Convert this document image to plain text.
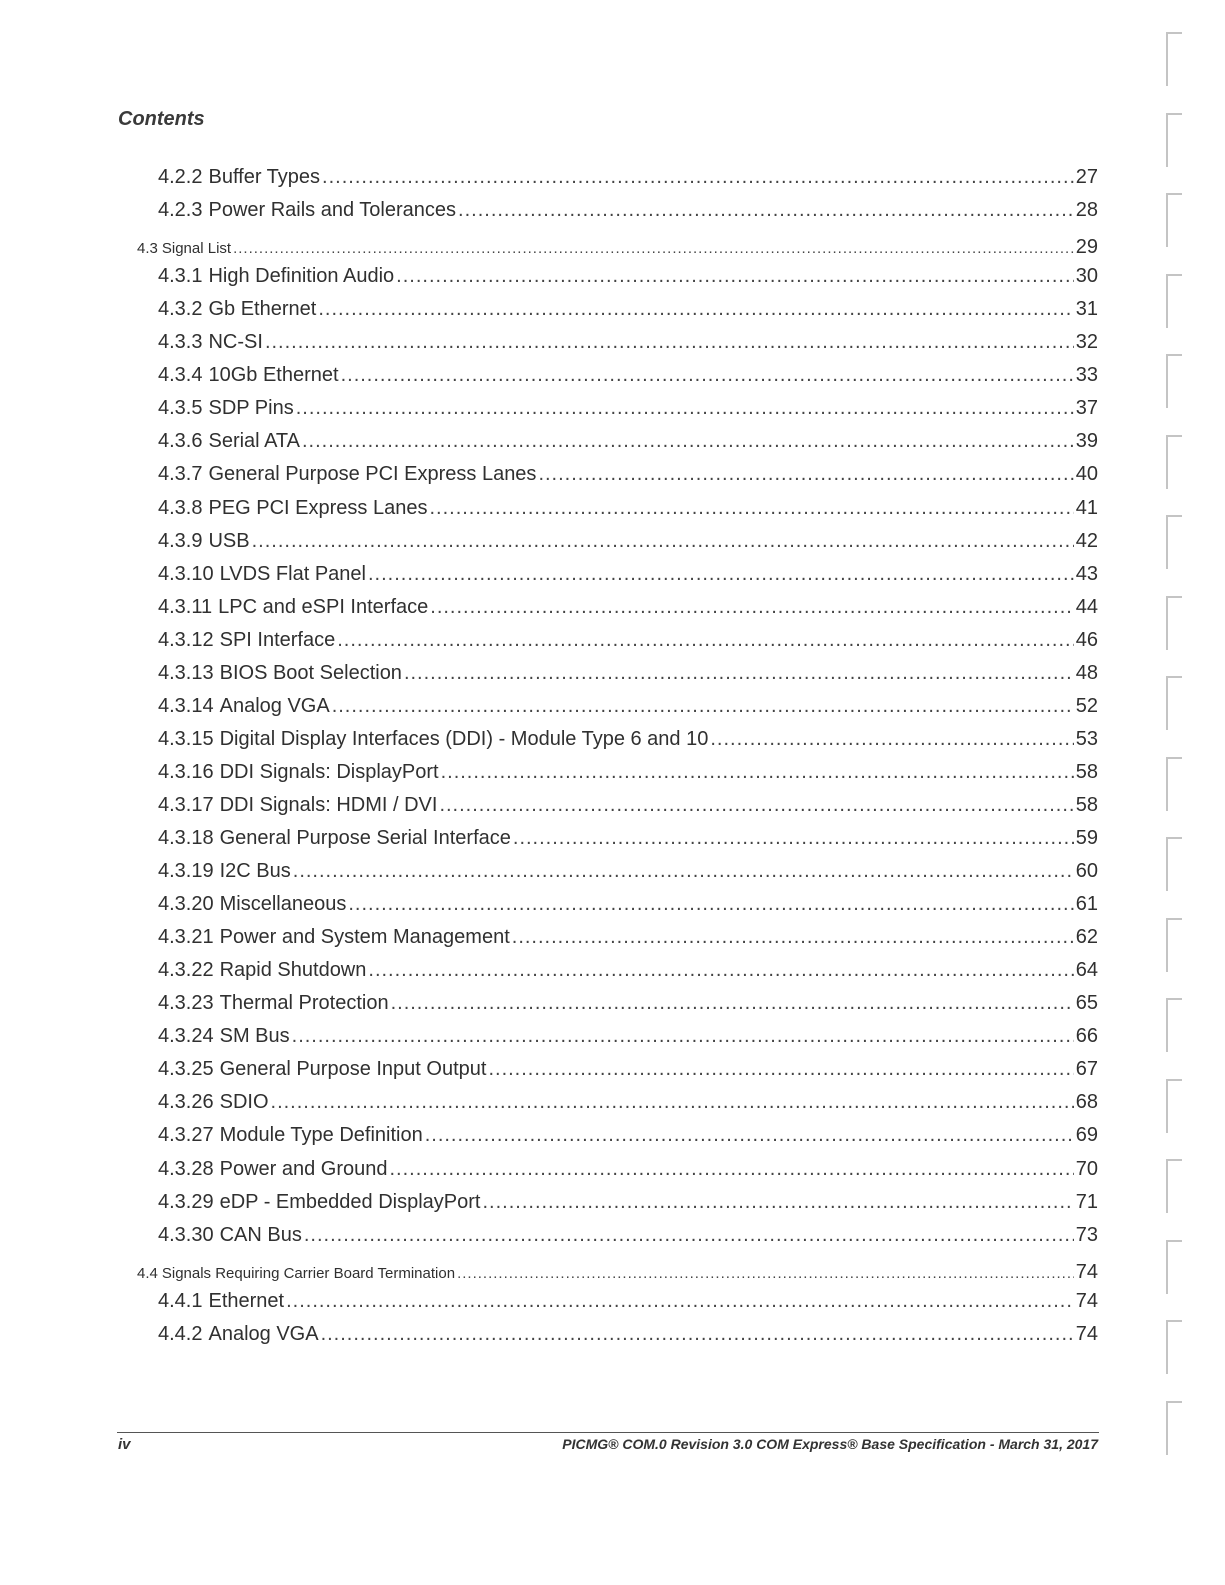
Contents
4.2.2 Buffer Types .....	27
4.2.3 Power Rails and Tolerances .....	28
4.3 Signal List .....	29
4.3.1 High Definition Audio .....	30
4.3.2 Gb Ethernet .....	31
4.3.3 NC-SI .....	32
4.3.4 10Gb Ethernet .....	33
4.3.5 SDP Pins .....	37
4.3.6 Serial ATA .....	39
4.3.7 General Purpose PCI Express Lanes .....	40
4.3.8 PEG PCI Express Lanes .....	41
4.3.9 USB .....	42
4.3.10 LVDS Flat Panel .....	43
4.3.11 LPC and eSPI Interface .....	44
4.3.12 SPI Interface .....	46
4.3.13 BIOS Boot Selection .....	48
4.3.14 Analog VGA .....	52
4.3.15 Digital Display Interfaces (DDI) - Module Type 6 and 10 .....	53
4.3.16 DDI Signals: DisplayPort .....	58
4.3.17 DDI Signals: HDMI / DVI .....	58
4.3.18 General Purpose Serial Interface .....	59
4.3.19 I2C Bus .....	60
4.3.20 Miscellaneous .....	61
4.3.21 Power and System Management .....	62
4.3.22 Rapid Shutdown .....	64
4.3.23 Thermal Protection .....	65
4.3.24 SM Bus .....	66
4.3.25 General Purpose Input Output .....	67
4.3.26 SDIO .....	68
4.3.27 Module Type Definition .....	69
4.3.28 Power and Ground .....	70
4.3.29 eDP - Embedded DisplayPort .....	71
4.3.30 CAN Bus .....	73
4.4 Signals Requiring Carrier Board Termination .....	74
4.4.1 Ethernet .....	74
4.4.2 Analog VGA .....	74
iv	PICMG® COM.0 Revision 3.0 COM Express® Base Specification - March 31, 2017
